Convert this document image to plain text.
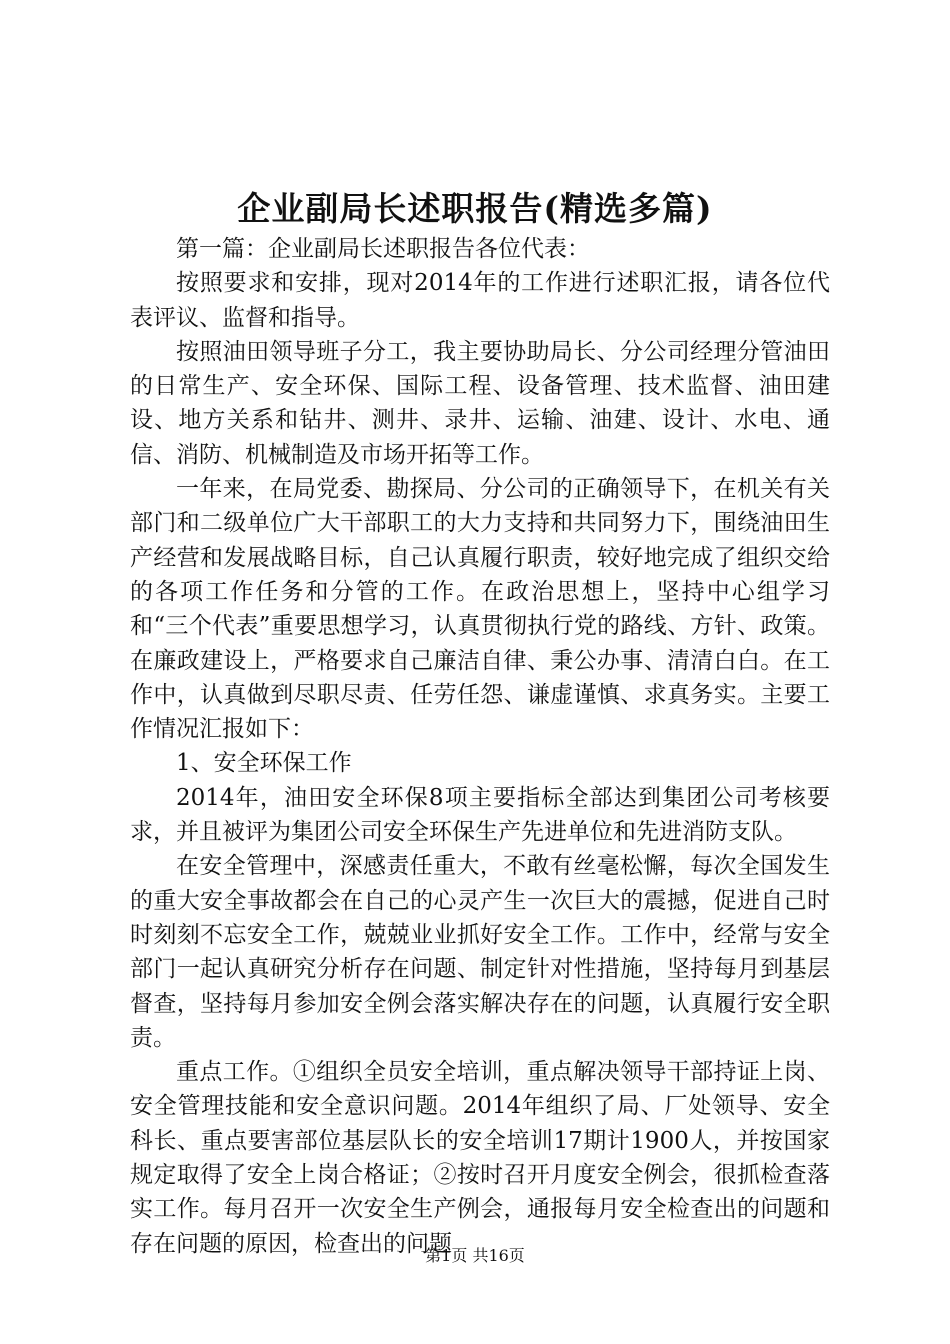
企业副局长述职报告(精选多篇)

第一篇：企业副局长述职报告各位代表：

按照要求和安排，现对2014年的工作进行述职汇报，请各位代表评议、监督和指导。

按照油田领导班子分工，我主要协助局长、分公司经理分管油田的日常生产、安全环保、国际工程、设备管理、技术监督、油田建设、地方关系和钻井、测井、录井、运输、油建、设计、水电、通信、消防、机械制造及市场开拓等工作。

一年来，在局党委、勘探局、分公司的正确领导下，在机关有关部门和二级单位广大干部职工的大力支持和共同努力下，围绕油田生产经营和发展战略目标，自己认真履行职责，较好地完成了组织交给的各项工作任务和分管的工作。在政治思想上，坚持中心组学习和“三个代表”重要思想学习，认真贯彻执行党的路线、方针、政策。在廉政建设上，严格要求自己廉洁自律、秉公办事、清清白白。在工作中，认真做到尽职尽责、任劳任怨、谦虚谨慎、求真务实。主要工作情况汇报如下：

1、安全环保工作

2014年，油田安全环保8项主要指标全部达到集团公司考核要求，并且被评为集团公司安全环保生产先进单位和先进消防支队。

在安全管理中，深感责任重大，不敢有丝毫松懈，每次全国发生的重大安全事故都会在自己的心灵产生一次巨大的震撼，促进自己时时刻刻不忘安全工作，兢兢业业抓好安全工作。工作中，经常与安全部门一起认真研究分析存在问题、制定针对性措施，坚持每月到基层督查，坚持每月参加安全例会落实解决存在的问题，认真履行安全职责。

重点工作。①组织全员安全培训，重点解决领导干部持证上岗、安全管理技能和安全意识问题。2014年组织了局、厂处领导、安全科长、重点要害部位基层队长的安全培训17期计1900人，并按国家规定取得了安全上岗合格证；②按时召开月度安全例会，很抓检查落实工作。每月召开一次安全生产例会，通报每月安全检查出的问题和存在问题的原因，检查出的问题

第1页 共16页
